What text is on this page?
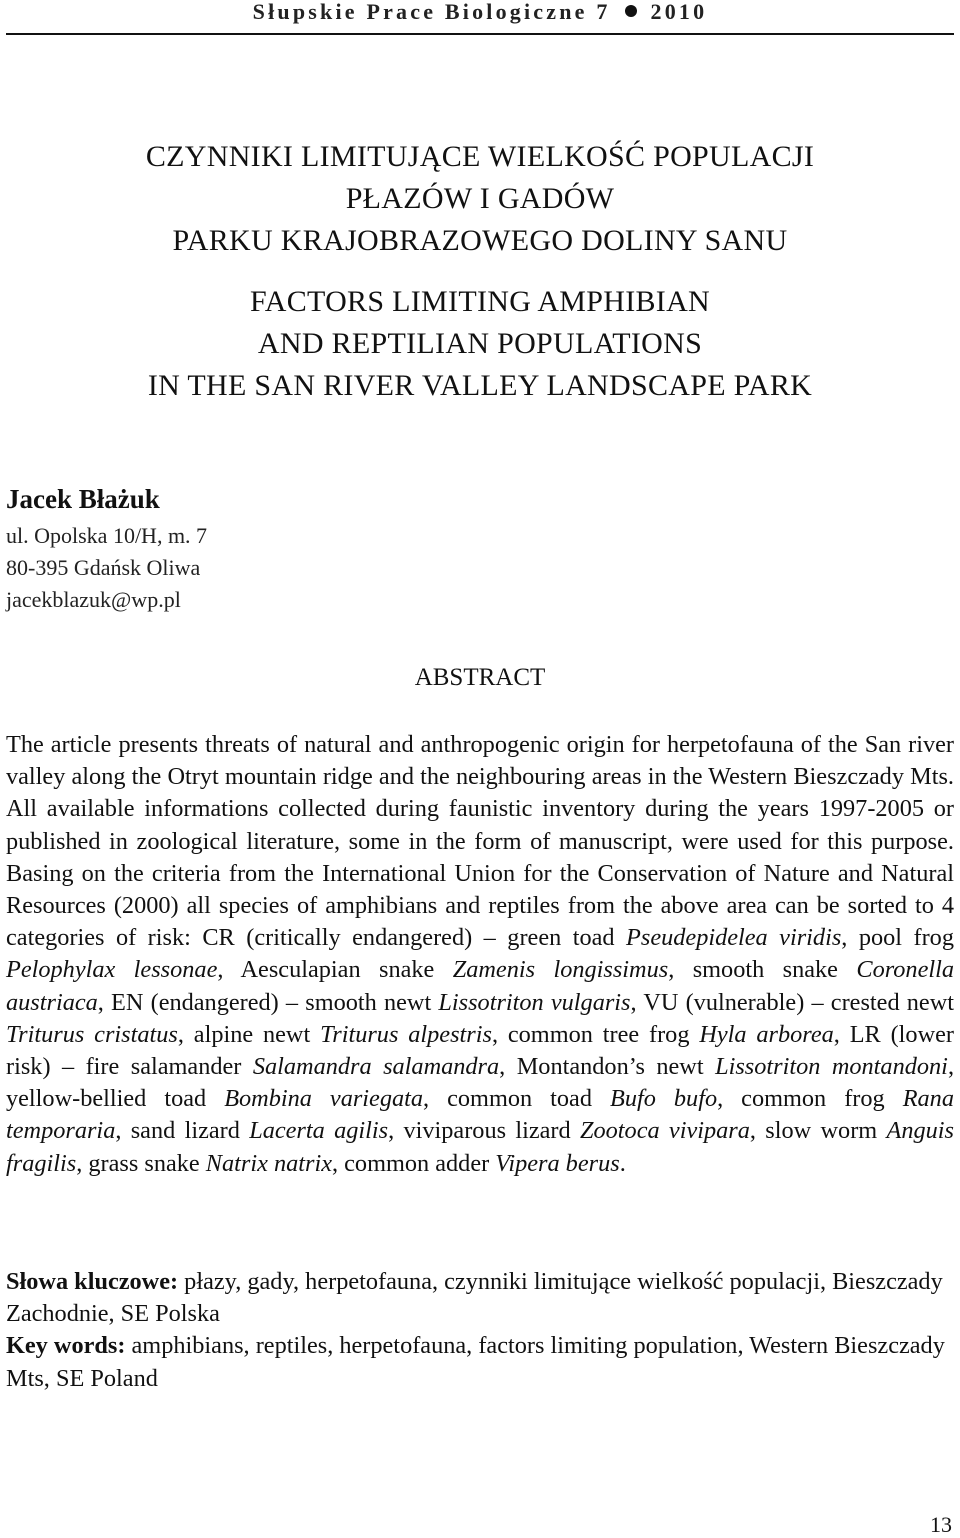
Słupskie Prace Biologiczne 7 2010
CZYNNIKI LIMITUJĄCE WIELKOŚĆ POPULACJI
PŁAZÓW I GADÓW
PARKU KRAJOBRAZOWEGO DOLINY SANU
FACTORS LIMITING AMPHIBIAN
AND REPTILIAN POPULATIONS
IN THE SAN RIVER VALLEY LANDSCAPE PARK
Jacek Błażuk
ul. Opolska 10/H, m. 7
80-395 Gdańsk Oliwa
jacekblazuk@wp.pl
ABSTRACT
The article presents threats of natural and anthropogenic origin for herpetofauna of the San river valley along the Otryt mountain ridge and the neighbouring areas in the Western Bieszczady Mts. All available informations collected during faunistic inventory during the years 1997-2005 or published in zoological literature, some in the form of manuscript, were used for this purpose. Basing on the criteria from the International Union for the Conservation of Nature and Natural Resources (2000) all species of amphibians and reptiles from the above area can be sorted to 4 categories of risk: CR (critically endangered) – green toad Pseudepidelea viridis, pool frog Pelophylax lessonae, Aesculapian snake Zamenis longissimus, smooth snake Coronella austriaca, EN (endangered) – smooth newt Lissotriton vulgaris, VU (vulnerable) – crested newt Triturus cristatus, alpine newt Triturus alpestris, common tree frog Hyla arborea, LR (lower risk) – fire salamander Salamandra salamandra, Montandon’s newt Lissotriton montandoni, yellow-bellied toad Bombina variegata, common toad Bufo bufo, common frog Rana temporaria, sand lizard Lacerta agilis, viviparous lizard Zootoca vivipara, slow worm Anguis fragilis, grass snake Natrix natrix, common adder Vipera berus.

Słowa kluczowe: płazy, gady, herpetofauna, czynniki limitujące wielkość populacji, Bieszczady Zachodnie, SE Polska

Key words: amphibians, reptiles, herpetofauna, factors limiting population, Western Bieszczady Mts, SE Poland

13
